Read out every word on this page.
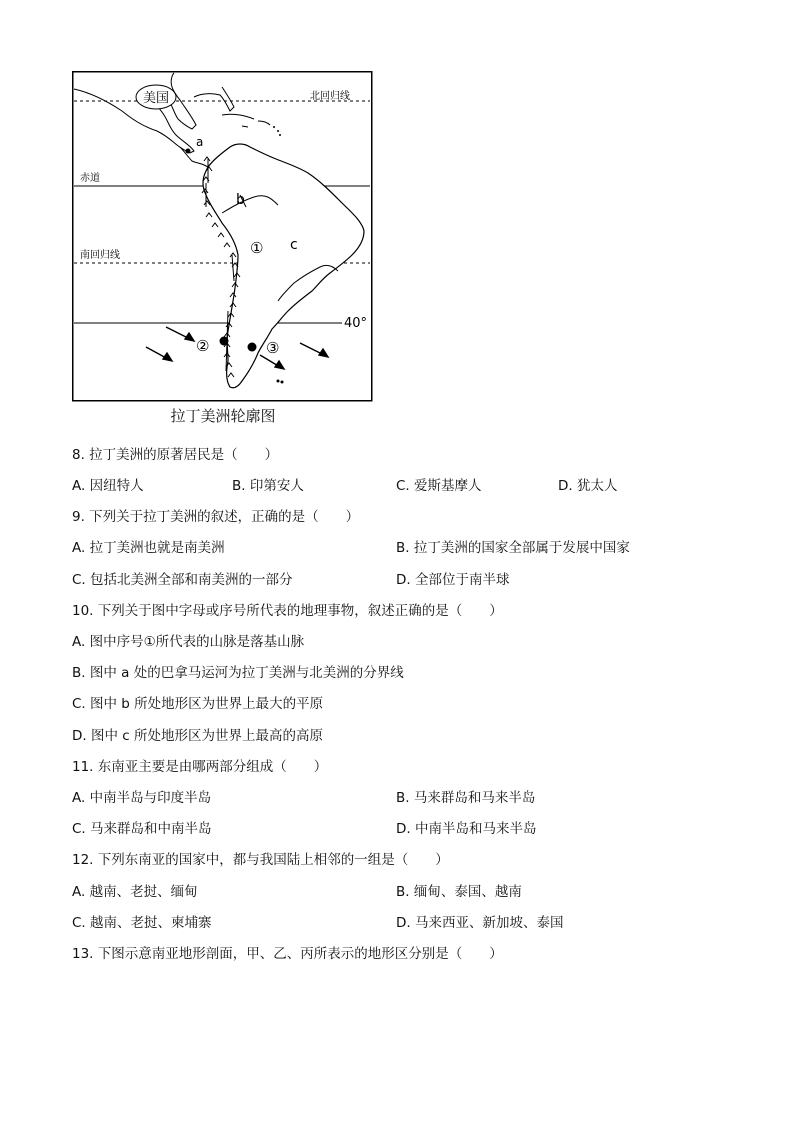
美国	北回归线
赤道
南回归线
40°
a
b
c
①
②	③
拉丁美洲轮廓图
8. 拉丁美洲的原著居民是（　　）
A. 因纽特人	B. 印第安人	C. 爱斯基摩人	D. 犹太人
9. 下列关于拉丁美洲的叙述，正确的是（　　）
A. 拉丁美洲也就是南美洲	B. 拉丁美洲的国家全部属于发展中国家
C. 包括北美洲全部和南美洲的一部分	D. 全部位于南半球
10. 下列关于图中字母或序号所代表的地理事物，叙述正确的是（　　）
A. 图中序号①所代表的山脉是落基山脉
B. 图中 a 处的巴拿马运河为拉丁美洲与北美洲的分界线
C. 图中 b 所处地形区为世界上最大的平原
D. 图中 c 所处地形区为世界上最高的高原
11. 东南亚主要是由哪两部分组成（　　）
A. 中南半岛与印度半岛	B. 马来群岛和马来半岛
C. 马来群岛和中南半岛	D. 中南半岛和马来半岛
12. 下列东南亚的国家中，都与我国陆上相邻的一组是（　　）
A. 越南、老挝、缅甸	B. 缅甸、泰国、越南
C. 越南、老挝、柬埔寨	D. 马来西亚、新加坡、泰国
13. 下图示意南亚地形剖面，甲、乙、丙所表示的地形区分别是（　　）
